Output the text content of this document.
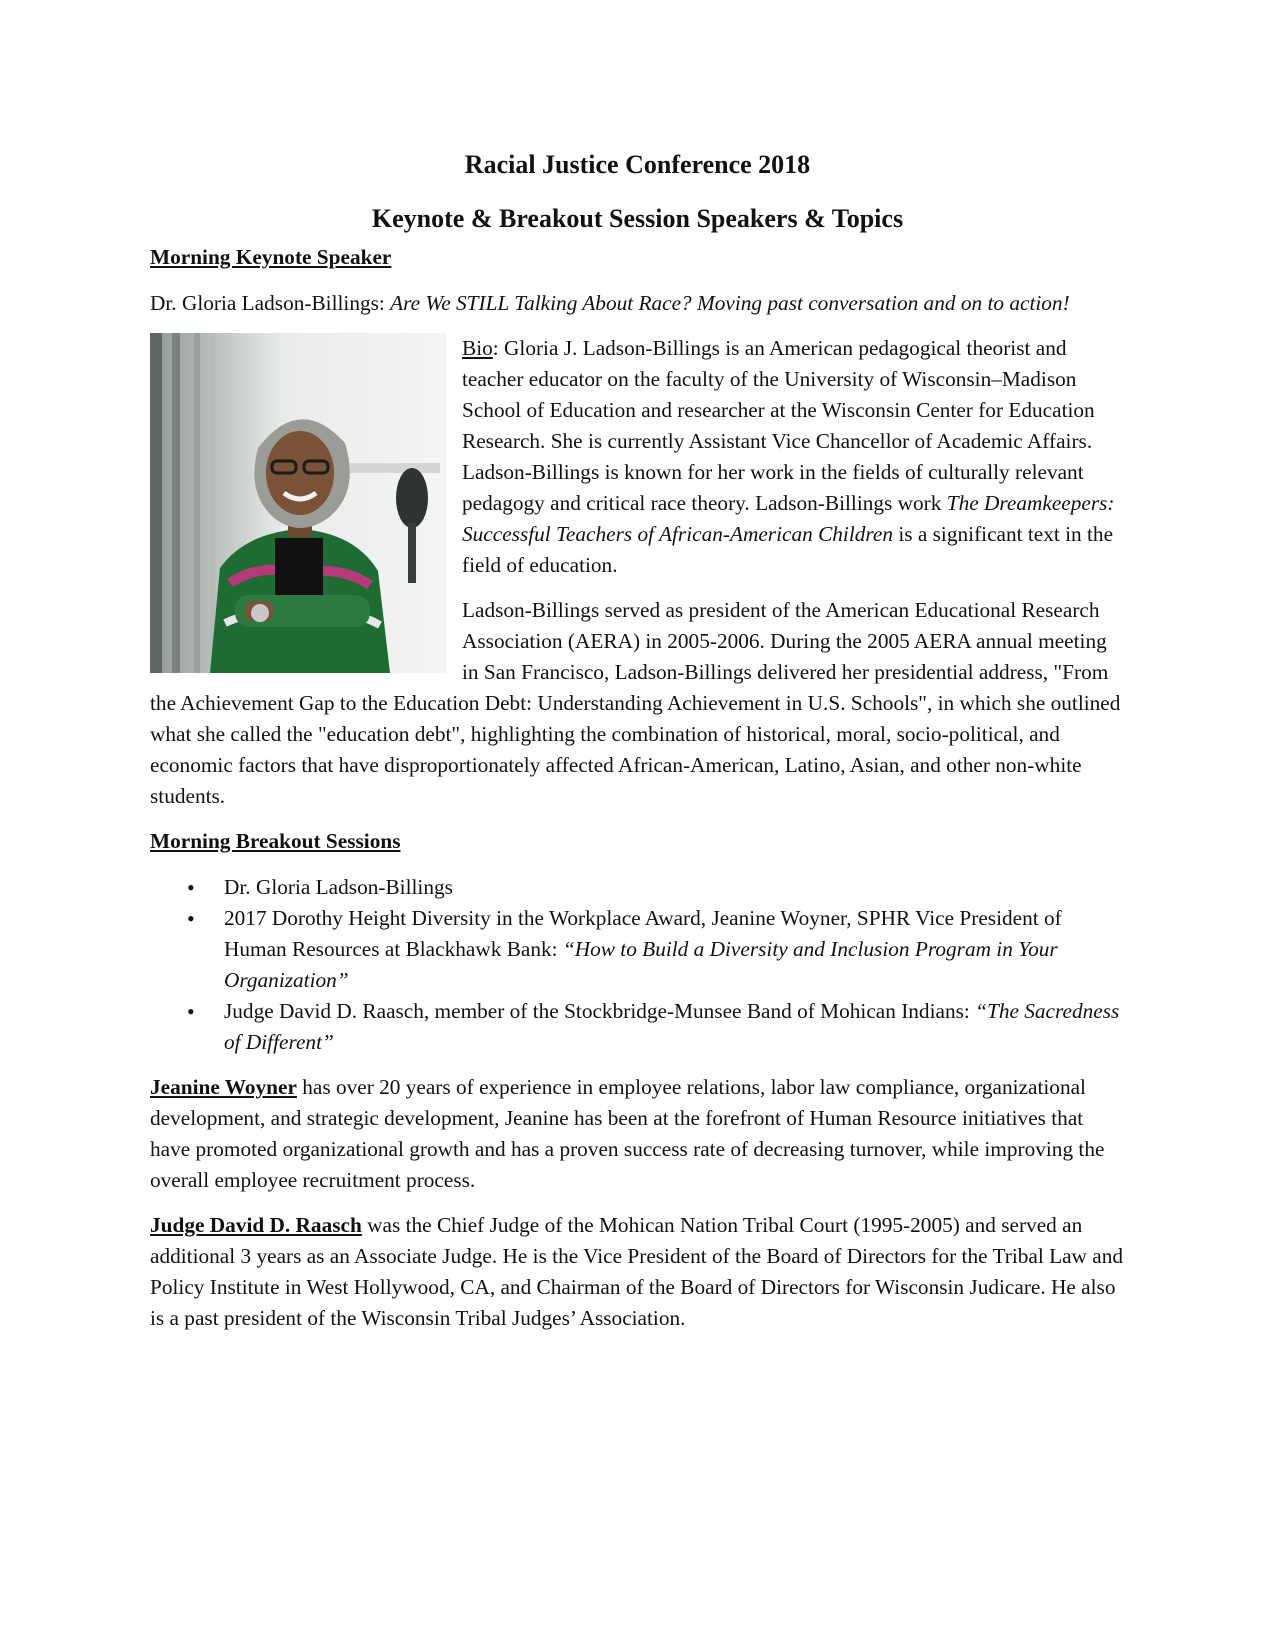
Racial Justice Conference 2018
Keynote & Breakout Session Speakers & Topics
Morning Keynote Speaker

Dr. Gloria Ladson-Billings: Are We STILL Talking About Race? Moving past conversation and on to action!

Bio: Gloria J. Ladson-Billings is an American pedagogical theorist and teacher educator on the faculty of the University of Wisconsin–Madison School of Education and researcher at the Wisconsin Center for Education Research. She is currently Assistant Vice Chancellor of Academic Affairs. Ladson-Billings is known for her work in the fields of culturally relevant pedagogy and critical race theory. Ladson-Billings work The Dreamkeepers: Successful Teachers of African-American Children is a significant text in the field of education.

Ladson-Billings served as president of the American Educational Research Association (AERA) in 2005-2006. During the 2005 AERA annual meeting in San Francisco, Ladson-Billings delivered her presidential address, "From the Achievement Gap to the Education Debt: Understanding Achievement in U.S. Schools", in which she outlined what she called the "education debt", highlighting the combination of historical, moral, socio-political, and economic factors that have disproportionately affected African-American, Latino, Asian, and other non-white students.

Morning Breakout Sessions
• Dr. Gloria Ladson-Billings
• 2017 Dorothy Height Diversity in the Workplace Award, Jeanine Woyner, SPHR Vice President of Human Resources at Blackhawk Bank: “How to Build a Diversity and Inclusion Program in Your Organization”
• Judge David D. Raasch, member of the Stockbridge-Munsee Band of Mohican Indians: “The Sacredness of Different”

Jeanine Woyner has over 20 years of experience in employee relations, labor law compliance, organizational development, and strategic development, Jeanine has been at the forefront of Human Resource initiatives that have promoted organizational growth and has a proven success rate of decreasing turnover, while improving the overall employee recruitment process.

Judge David D. Raasch was the Chief Judge of the Mohican Nation Tribal Court (1995-2005) and served an additional 3 years as an Associate Judge. He is the Vice President of the Board of Directors for the Tribal Law and Policy Institute in West Hollywood, CA, and Chairman of the Board of Directors for Wisconsin Judicare. He also is a past president of the Wisconsin Tribal Judges’ Association.
